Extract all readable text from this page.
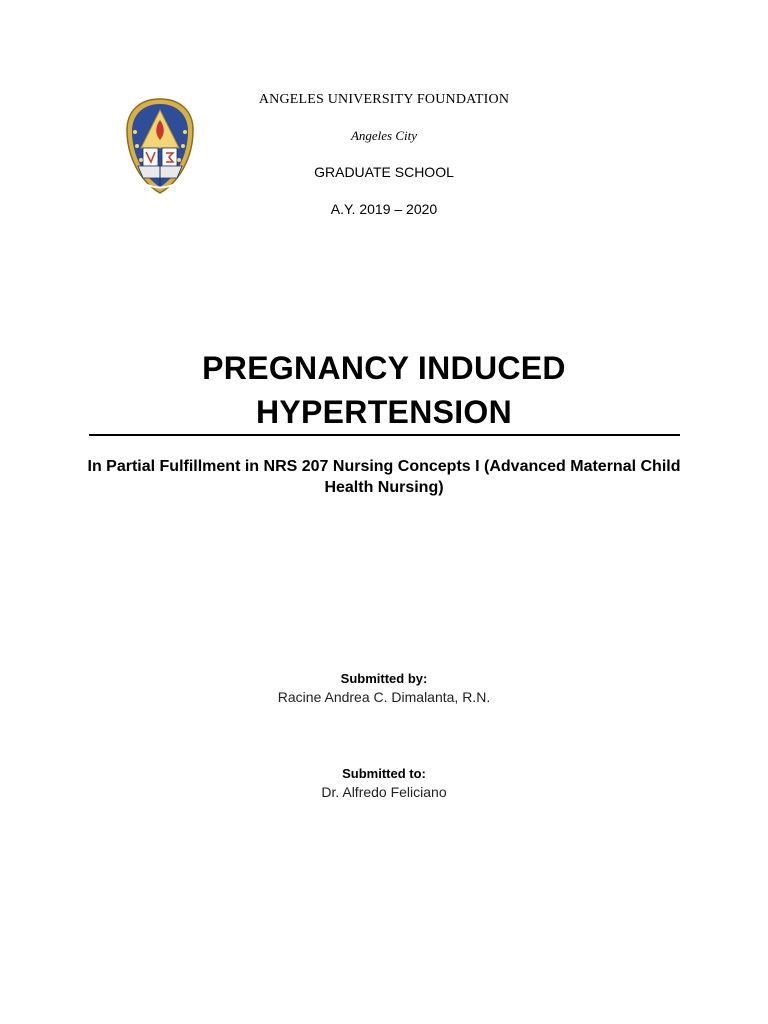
ANGELES UNIVERSITY FOUNDATION
Angeles City
GRADUATE SCHOOL
A.Y. 2019 – 2020
PREGNANCY INDUCED
HYPERTENSION
In Partial Fulfillment in NRS 207 Nursing Concepts I (Advanced Maternal Child Health Nursing)
Submitted by:
Racine Andrea C. Dimalanta, R.N.
Submitted to:
Dr. Alfredo Feliciano
